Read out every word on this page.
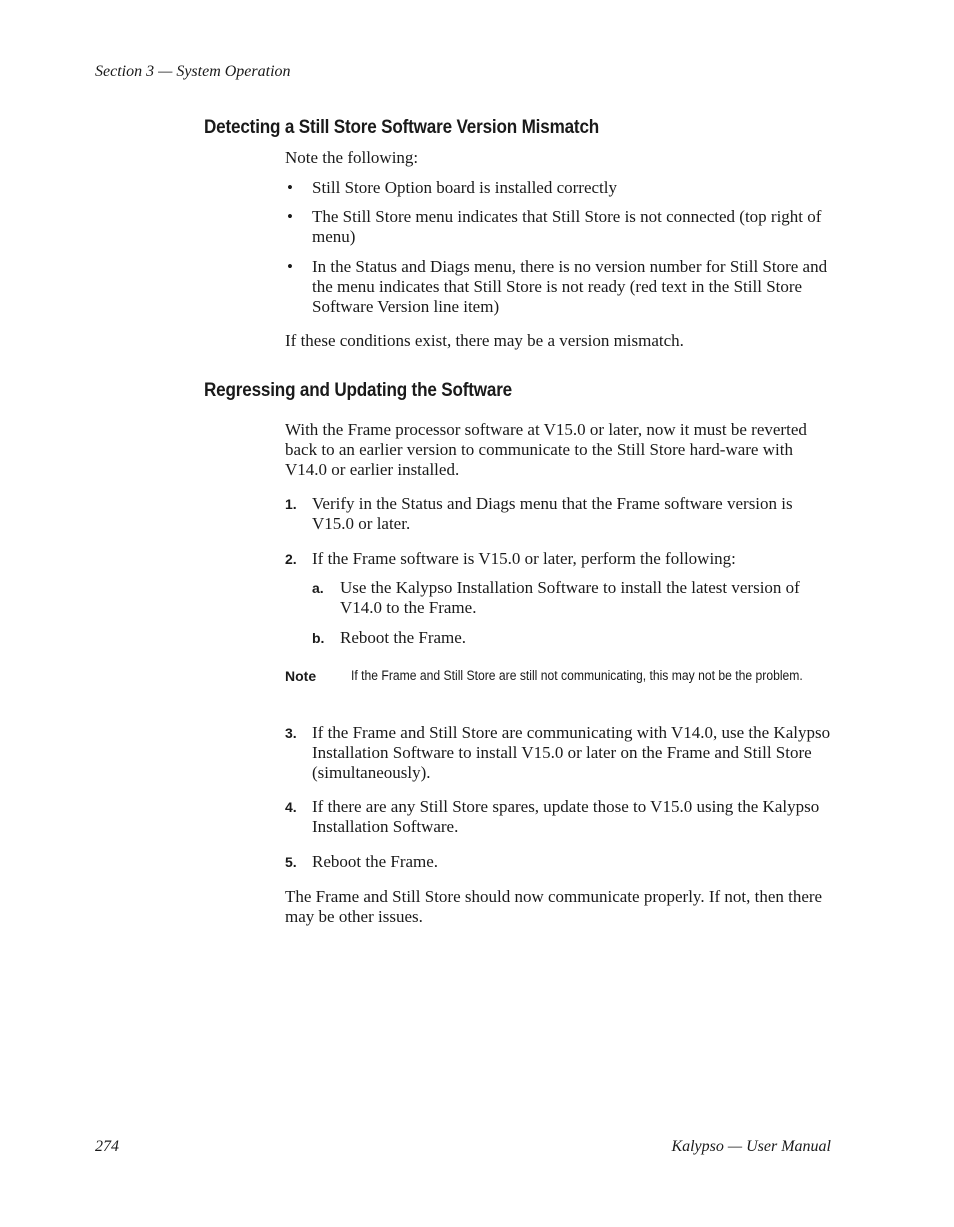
Section 3 — System Operation
Detecting a Still Store Software Version Mismatch
Note the following:
• Still Store Option board is installed correctly
• The Still Store menu indicates that Still Store is not connected (top right of menu)
• In the Status and Diags menu, there is no version number for Still Store and the menu indicates that Still Store is not ready (red text in the Still Store Software Version line item)
If these conditions exist, there may be a version mismatch.
Regressing and Updating the Software
With the Frame processor software at V15.0 or later, now it must be reverted back to an earlier version to communicate to the Still Store hard-ware with V14.0 or earlier installed.
1. Verify in the Status and Diags menu that the Frame software version is V15.0 or later.
2. If the Frame software is V15.0 or later, perform the following:
a. Use the Kalypso Installation Software to install the latest version of V14.0 to the Frame.
b. Reboot the Frame.
Note	If the Frame and Still Store are still not communicating, this may not be the problem.
3. If the Frame and Still Store are communicating with V14.0, use the Kalypso Installation Software to install V15.0 or later on the Frame and Still Store (simultaneously).
4. If there are any Still Store spares, update those to V15.0 using the Kalypso Installation Software.
5. Reboot the Frame.
The Frame and Still Store should now communicate properly. If not, then there may be other issues.
274	Kalypso — User Manual
